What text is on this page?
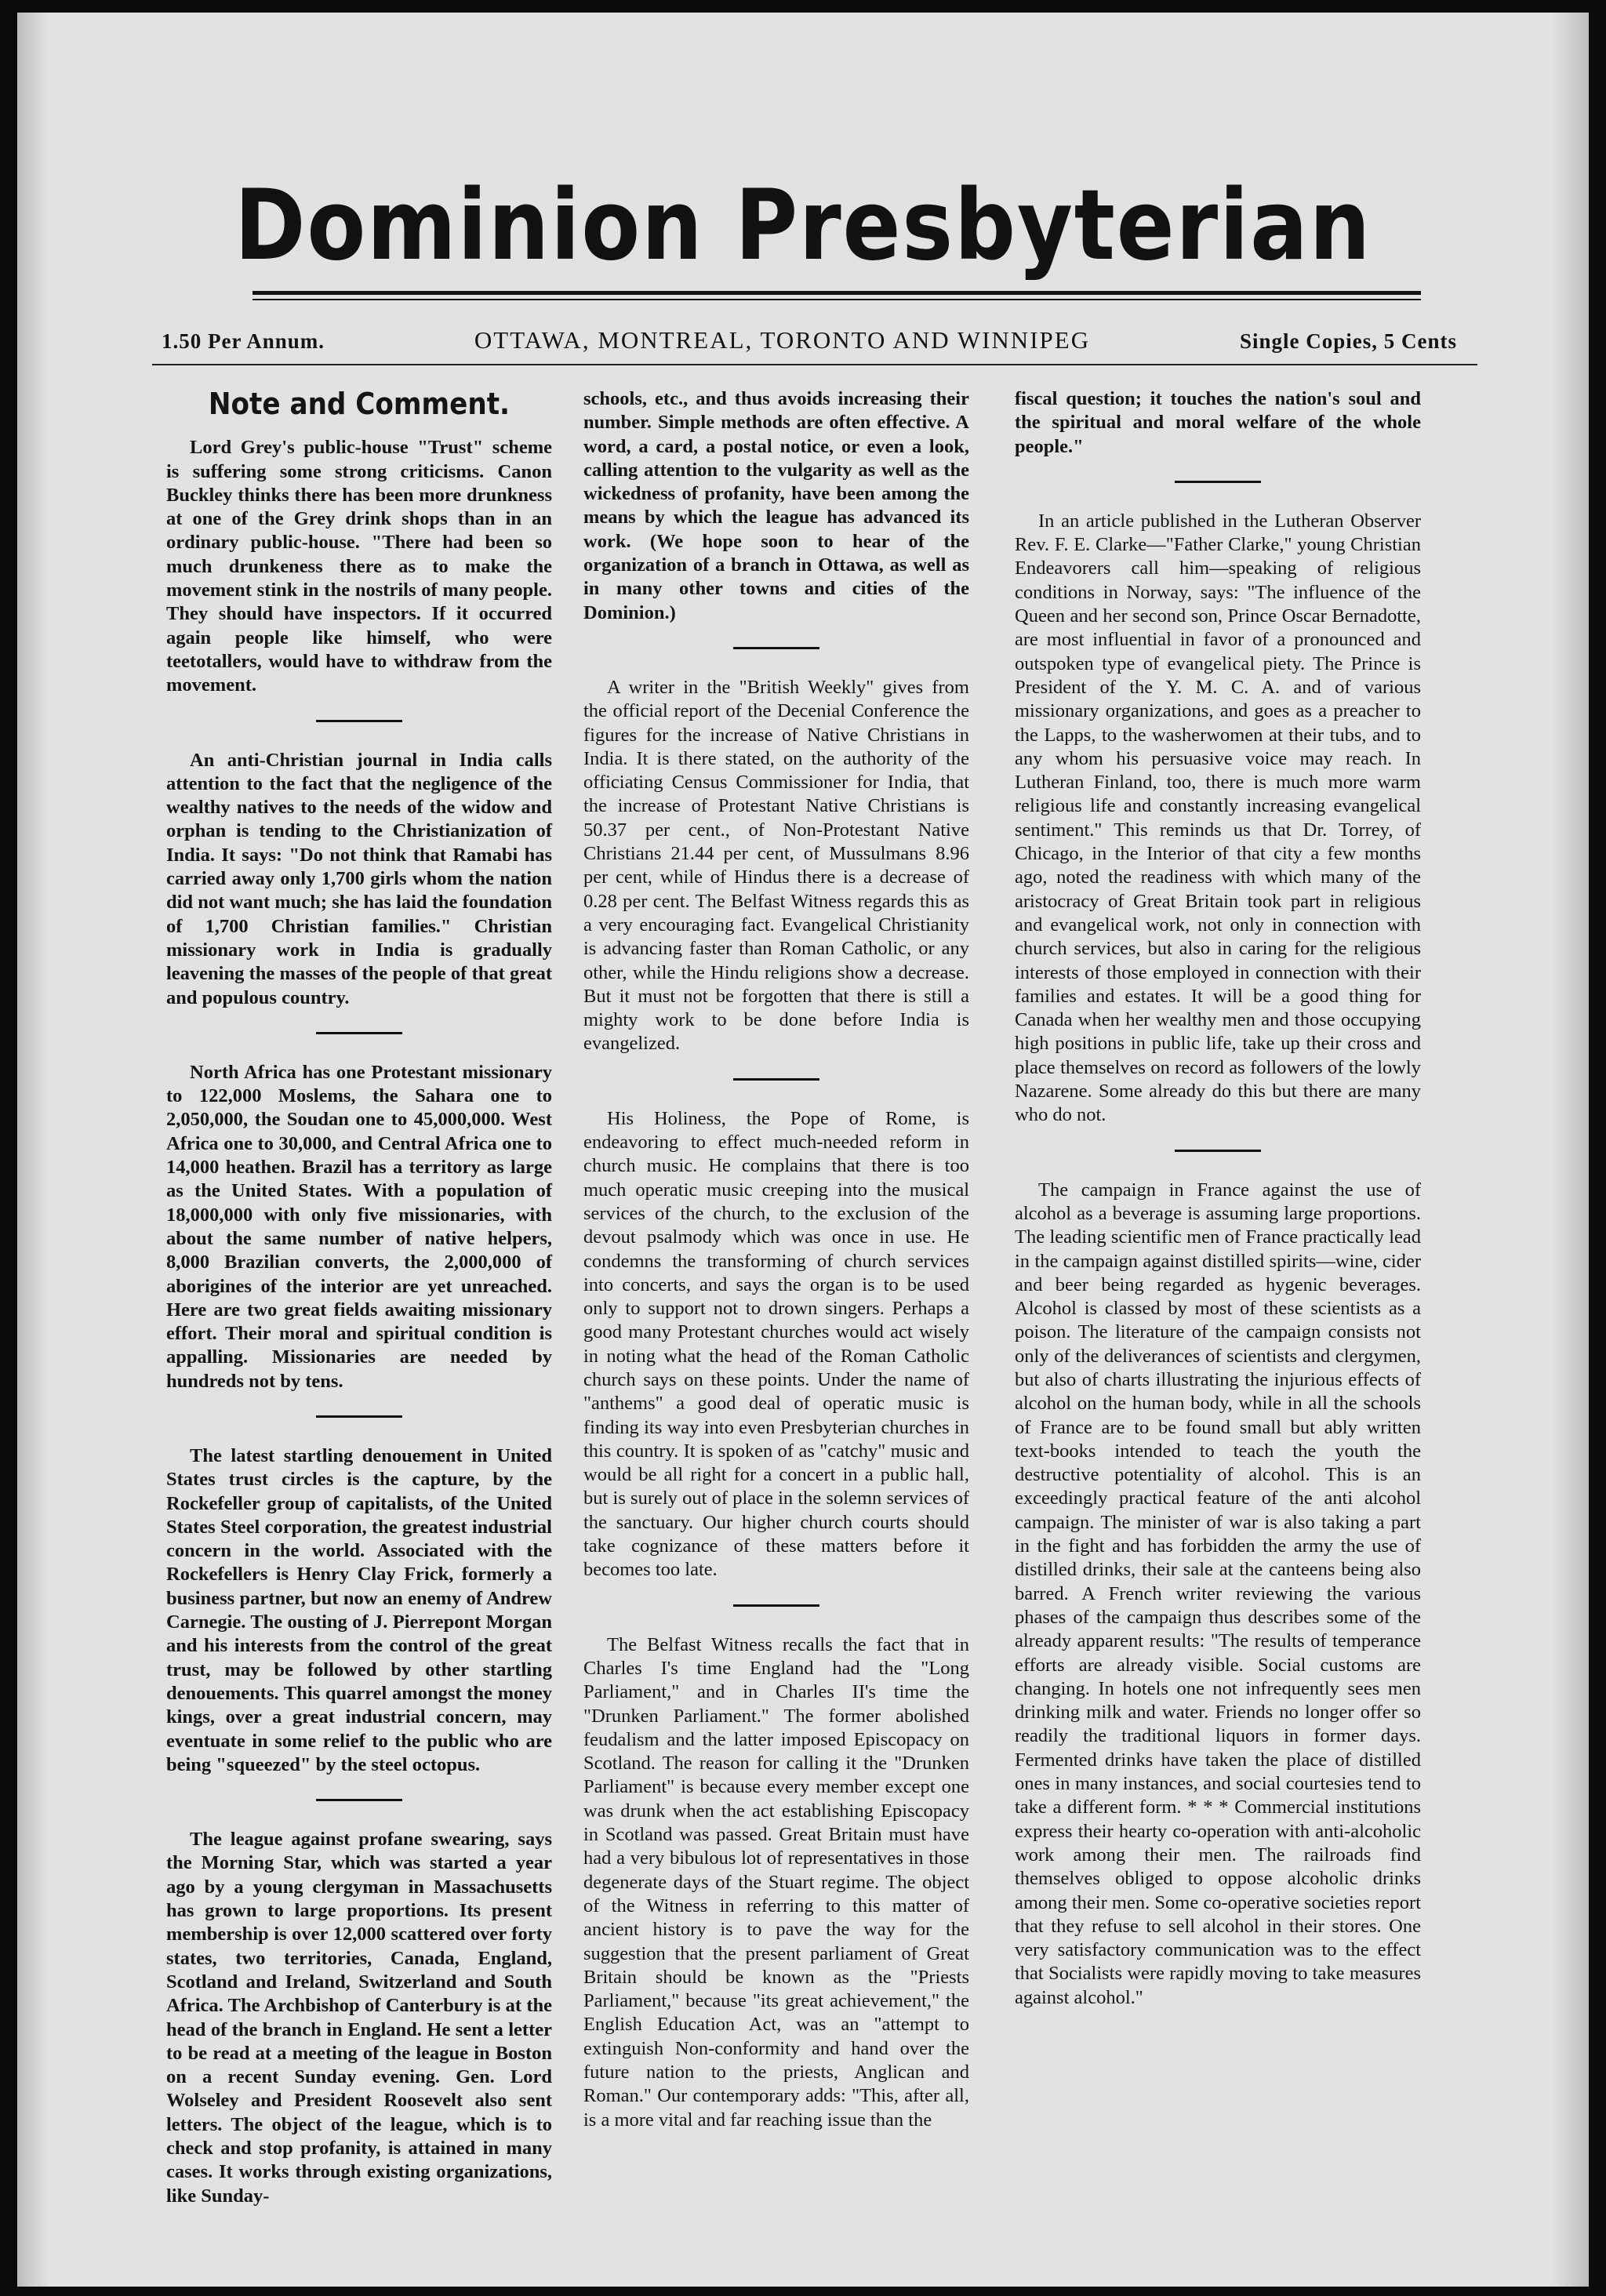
Dominion Presbyterian
1.50 Per Annum.	OTTAWA, MONTREAL, TORONTO AND WINNIPEG	Single Copies, 5 Cents
Note and Comment.

Lord Grey's public-house "Trust" scheme is suffering some strong criticisms. Canon Buckley thinks there has been more drunkness at one of the Grey drink shops than in an ordinary public-house. "There had been so much drunkeness there as to make the movement stink in the nostrils of many people. They should have inspectors. If it occurred again people like himself, who were teetotallers, would have to withdraw from the movement.

An anti-Christian journal in India calls attention to the fact that the negligence of the wealthy natives to the needs of the widow and orphan is tending to the Christianization of India. It says: "Do not think that Ramabi has carried away only 1,700 girls whom the nation did not want much; she has laid the foundation of 1,700 Christian families." Christian missionary work in India is gradually leavening the masses of the people of that great and populous country.

North Africa has one Protestant missionary to 122,000 Moslems, the Sahara one to 2,050,000, the Soudan one to 45,000,000. West Africa one to 30,000, and Central Africa one to 14,000 heathen. Brazil has a territory as large as the United States. With a population of 18,000,000 with only five missionaries, with about the same number of native helpers, 8,000 Brazilian converts, the 2,000,000 of aborigines of the interior are yet unreached. Here are two great fields awaiting missionary effort. Their moral and spiritual condition is appalling. Missionaries are needed by hundreds not by tens.

The latest startling denouement in United States trust circles is the capture, by the Rockefeller group of capitalists, of the United States Steel corporation, the greatest industrial concern in the world. Associated with the Rockefellers is Henry Clay Frick, formerly a business partner, but now an enemy of Andrew Carnegie. The ousting of J. Pierrepont Morgan and his interests from the control of the great trust, may be followed by other startling denouements. This quarrel amongst the money kings, over a great industrial concern, may eventuate in some relief to the public who are being "squeezed" by the steel octopus.

The league against profane swearing, says the Morning Star, which was started a year ago by a young clergyman in Massachusetts has grown to large proportions. Its present membership is over 12,000 scattered over forty states, two territories, Canada, England, Scotland and Ireland, Switzerland and South Africa. The Archbishop of Canterbury is at the head of the branch in England. He sent a letter to be read at a meeting of the league in Boston on a recent Sunday evening. Gen. Lord Wolseley and President Roosevelt also sent letters. The object of the league, which is to check and stop profanity, is attained in many cases. It works through existing organizations, like Sunday-

schools, etc., and thus avoids increasing their number. Simple methods are often effective. A word, a card, a postal notice, or even a look, calling attention to the vulgarity as well as the wickedness of profanity, have been among the means by which the league has advanced its work. (We hope soon to hear of the organization of a branch in Ottawa, as well as in many other towns and cities of the Dominion.)

A writer in the "British Weekly" gives from the official report of the Decenial Conference the figures for the increase of Native Christians in India. It is there stated, on the authority of the officiating Census Commissioner for India, that the increase of Protestant Native Christians is 50.37 per cent., of Non-Protestant Native Christians 21.44 per cent, of Mussulmans 8.96 per cent, while of Hindus there is a decrease of 0.28 per cent. The Belfast Witness regards this as a very encouraging fact. Evangelical Christianity is advancing faster than Roman Catholic, or any other, while the Hindu religions show a decrease. But it must not be forgotten that there is still a mighty work to be done before India is evangelized.

His Holiness, the Pope of Rome, is endeavoring to effect much-needed reform in church music. He complains that there is too much operatic music creeping into the musical services of the church, to the exclusion of the devout psalmody which was once in use. He condemns the transforming of church services into concerts, and says the organ is to be used only to support not to drown singers. Perhaps a good many Protestant churches would act wisely in noting what the head of the Roman Catholic church says on these points. Under the name of "anthems" a good deal of operatic music is finding its way into even Presbyterian churches in this country. It is spoken of as "catchy" music and would be all right for a concert in a public hall, but is surely out of place in the solemn services of the sanctuary. Our higher church courts should take cognizance of these matters before it becomes too late.

The Belfast Witness recalls the fact that in Charles I's time England had the "Long Parliament," and in Charles II's time the "Drunken Parliament." The former abolished feudalism and the latter imposed Episcopacy on Scotland. The reason for calling it the "Drunken Parliament" is because every member except one was drunk when the act establishing Episcopacy in Scotland was passed. Great Britain must have had a very bibulous lot of representatives in those degenerate days of the Stuart regime. The object of the Witness in referring to this matter of ancient history is to pave the way for the suggestion that the present parliament of Great Britain should be known as the "Priests Parliament," because "its great achievement," the English Education Act, was an "attempt to extinguish Non-conformity and hand over the future nation to the priests, Anglican and Roman." Our contemporary adds: "This, after all, is a more vital and far reaching issue than the

fiscal question; it touches the nation's soul and the spiritual and moral welfare of the whole people."

In an article published in the Lutheran Observer Rev. F. E. Clarke—"Father Clarke," young Christian Endeavorers call him—speaking of religious conditions in Norway, says: "The influence of the Queen and her second son, Prince Oscar Bernadotte, are most influential in favor of a pronounced and outspoken type of evangelical piety. The Prince is President of the Y. M. C. A. and of various missionary organizations, and goes as a preacher to the Lapps, to the washerwomen at their tubs, and to any whom his persuasive voice may reach. In Lutheran Finland, too, there is much more warm religious life and constantly increasing evangelical sentiment." This reminds us that Dr. Torrey, of Chicago, in the Interior of that city a few months ago, noted the readiness with which many of the aristocracy of Great Britain took part in religious and evangelical work, not only in connection with church services, but also in caring for the religious interests of those employed in connection with their families and estates. It will be a good thing for Canada when her wealthy men and those occupying high positions in public life, take up their cross and place themselves on record as followers of the lowly Nazarene. Some already do this but there are many who do not.

The campaign in France against the use of alcohol as a beverage is assuming large proportions. The leading scientific men of France practically lead in the campaign against distilled spirits—wine, cider and beer being regarded as hygenic beverages. Alcohol is classed by most of these scientists as a poison. The literature of the campaign consists not only of the deliverances of scientists and clergymen, but also of charts illustrating the injurious effects of alcohol on the human body, while in all the schools of France are to be found small but ably written text-books intended to teach the youth the destructive potentiality of alcohol. This is an exceedingly practical feature of the anti alcohol campaign. The minister of war is also taking a part in the fight and has forbidden the army the use of distilled drinks, their sale at the canteens being also barred. A French writer reviewing the various phases of the campaign thus describes some of the already apparent results: "The results of temperance efforts are already visible. Social customs are changing. In hotels one not infrequently sees men drinking milk and water. Friends no longer offer so readily the traditional liquors in former days. Fermented drinks have taken the place of distilled ones in many instances, and social courtesies tend to take a different form. * * * Commercial institutions express their hearty co-operation with anti-alcoholic work among their men. The railroads find themselves obliged to oppose alcoholic drinks among their men. Some co-operative societies report that they refuse to sell alcohol in their stores. One very satisfactory communication was to the effect that Socialists were rapidly moving to take measures against alcohol."
